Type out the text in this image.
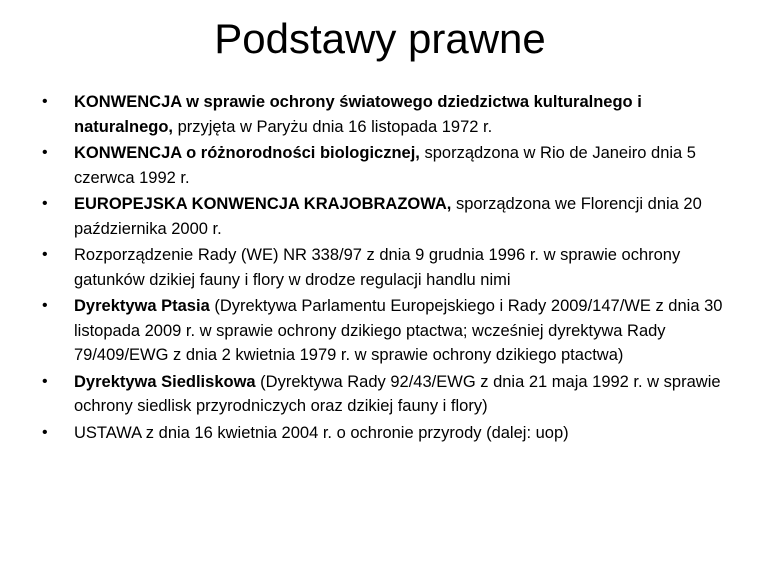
Podstawy prawne
• KONWENCJA w sprawie ochrony światowego dziedzictwa kulturalnego i naturalnego, przyjęta w Paryżu dnia 16 listopada 1972 r.
• KONWENCJA o różnorodności biologicznej, sporządzona w Rio de Janeiro dnia 5 czerwca 1992 r.
• EUROPEJSKA KONWENCJA KRAJOBRAZOWA, sporządzona we Florencji dnia 20 października 2000 r.
• Rozporządzenie Rady (WE) NR 338/97 z dnia 9 grudnia 1996 r. w sprawie ochrony gatunków dzikiej fauny i flory w drodze regulacji handlu nimi
• Dyrektywa Ptasia (Dyrektywa Parlamentu Europejskiego i Rady 2009/147/WE z dnia 30 listopada 2009 r. w sprawie ochrony dzikiego ptactwa; wcześniej dyrektywa Rady 79/409/EWG z dnia 2 kwietnia 1979 r. w sprawie ochrony dzikiego ptactwa)
• Dyrektywa Siedliskowa (Dyrektywa Rady 92/43/EWG z dnia 21 maja 1992 r. w sprawie ochrony siedlisk przyrodniczych oraz dzikiej fauny i flory)
• USTAWA z dnia 16 kwietnia 2004 r. o ochronie przyrody (dalej: uop)
